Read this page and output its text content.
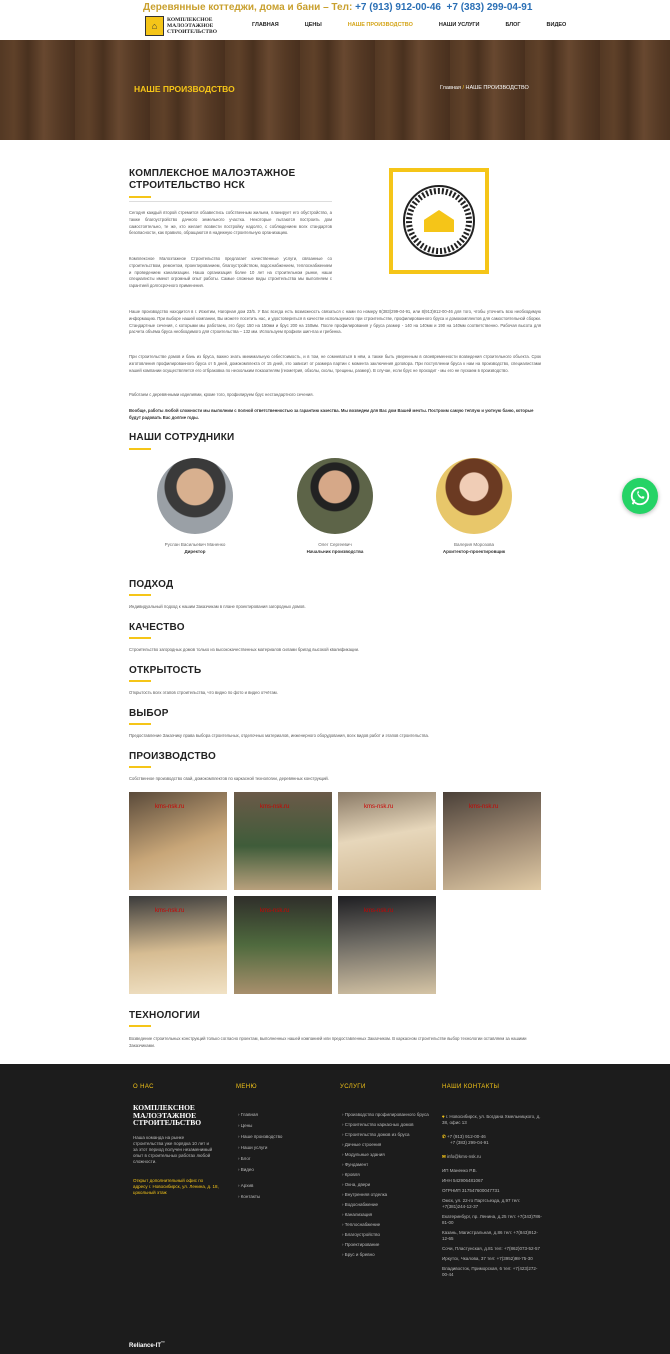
Деревянные коттеджи, дома и бани – Тел: +7 (913) 912-00-46 +7 (383) 299-04-91
⌂
КОМПЛЕКСНОЕ
МАЛОЭТАЖНОЕ
СТРОИТЕЛЬСТВО
ГЛАВНАЯ	ЦЕНЫ	НАШЕ ПРОИЗВОДСТВО	НАШИ УСЛУГИ	БЛОГ	ВИДЕО
НАШЕ ПРОИЗВОДСТВО	Главная / НАШЕ ПРОИЗВОДСТВО
КОМПЛЕКСНОЕ МАЛОЭТАЖНОЕ
СТРОИТЕЛЬСТВО НСК
Сегодня каждый второй стремится обзавестись собственным жильем, планирует его обустройство, а также благоустройство дачного земельного участка. Некоторые пытаются построить дом самостоятельно, те же, кто желает возвести постройку надолго, с соблюдением всех стандартов безопасности, как правило, обращаются в надежную строительную организацию.
Комплексное Малоэтажное Строительство предлагает качественные услуги, связанные со строительством, ремонтом, проектированием, благоустройством, водоснабжением, теплоснабжением и проведением канализации. Наша организация более 10 лет на строительном рынке, наши специалисты имеют огромный опыт работы. Самые сложные виды строительства мы выполняем с гарантией долгосрочного применения.
Наше производство находится в г. Искитим, Нагорная дом 23/5. У Вас всегда есть возможность связаться с нами по номеру 8(383)299-04-91, или 8(913)912-00-46 для того, чтобы уточнить всю необходимую информацию. При выборе нашей компании, Вы можете посетить нас, и удостовериться в качестве используемого при строительстве, профилированного бруса и домокомплектов для самостоятельной сборки. Стандартные сечения, с которыми мы работаем, это брус 150 на 150мм и брус 200 на 150мм. После профилирования у бруса размер - 140 на 140мм и 190 на 140мм соответственно. Рабочая высота для расчета объёма бруса необходимого для строительства – 132 мм. Используем профили шип-паз и гребенка.
При строительстве домов и бань из бруса, важно знать минимальную себестоимость, и в том, не сомневаться в нём, а также быть уверенным в своевременности возведения строительного объекта. Срок изготовления профилированного бруса от 5 дней, домокомплекта от 15 дней, это зависит от размера партии с момента заключения договора. При поступлении бруса к нам на производство, специалистами нашей компании осуществляется его отбраковка по нескольким показателям (геометрия, обзолы, сколы, трещины, размер). В случае, если брус не проходит - мы его не пускаем в производство.
Работаем с деревянными изделиями, кроме того, профилируем брус нестандартного сечения.
Вообще, работы любой сложности мы выполним с полной ответственностью за гарантию качества. Мы возведем для Вас дом Вашей мечты. Построим самую теплую и уютную баню, которые будут радовать Вас долгие годы.
НАШИ СОТРУДНИКИ
Руслан Васильевич Маненко
Директор
Олег Сергеевич
Начальник производства
Валерия Морозова
Архитектор-проектировщик
ПОДХОД
Индивидуальный подход к нашим Заказчикам в плане проектирования загородных домов.
КАЧЕСТВО
Строительство загородных домов только из высококачественных материалов силами бригад высокой квалификации.
ОТКРЫТОСТЬ
Открытость всех этапов строительства, что видно по фото и видео отчётам.
ВЫБОР
Предоставление Заказчику права выбора строительных, отделочных материалов, инженерного оборудования, всех видов работ и этапов строительства.
ПРОИЗВОДСТВО
Собственное производство свай, домокомплектов по каркасной технологии, деревянных конструкций.
kms-nsk.ru	kms-nsk.ru	kms-nsk.ru	kms-nsk.ru
kms-nsk.ru	kms-nsk.ru	kms-nsk.ru
ТЕХНОЛОГИИ
Возведение строительных конструкций только согласно проектам, выполненных нашей компанией или предоставленных Заказчиком. В каркасном строительстве выбор технологии оставляем за нашими Заказчиками.
О НАС
КОМПЛЕКСНОЕ
МАЛОЭТАЖНОЕ
СТРОИТЕЛЬСТВО
Наша команда на рынке строительства уже порядка 10 лет и за этот период получен незаменимый опыт в строительных работах любой сложности.
Открыт дополнительный офис по адресу г. Новосибирск, ул. Ленина, д. 18, цокольный этаж
МЕНЮ
› Главная
› Цены
› Наше производство
› Наши услуги
› Блог
› Видео
› Архив
› Контакты
УСЛУГИ
› Производство профилированного бруса
› Строительство каркасных домов
› Строительство домов из бруса
› Дачные строения
› Модульные здания
› Фундамент
› Кровля
› Окна, двери
› Внутренняя отделка
› Водоснабжение
› Канализация
› Теплоснабжение
› Благоустройство
› Проектирование
› Брус и бревно
НАШИ КОНТАКТЫ
⌖ г. Новосибирск, ул. Богдана Хмельницкого, д. 38, офис 13
✆ +7 (913) 912-00-46
+7 (383) 299-04-91
✉ info@kms-nsk.ru
ИП Маненко Р.В.
ИНН 542906481067
ОГРНИП 317547600047731
Омск, ул. 22-го Партсъезда, д.97 тел: +7(381)244-12-37
Екатеринбург, пр. Ленина, д.25 тел: +7(343)786-81-00
Казань, Магистральная, д.86 тел: +7(843)912-12-65
Сочи, Пластунская, д.81 тел: +7(862)073-52-57
Иркутск, Чкалова, 37 тел: +7(3952)98-75-30
Владивосток, Приморская, 6 тел: +7(423)272-00-44
Reliance-IT™
